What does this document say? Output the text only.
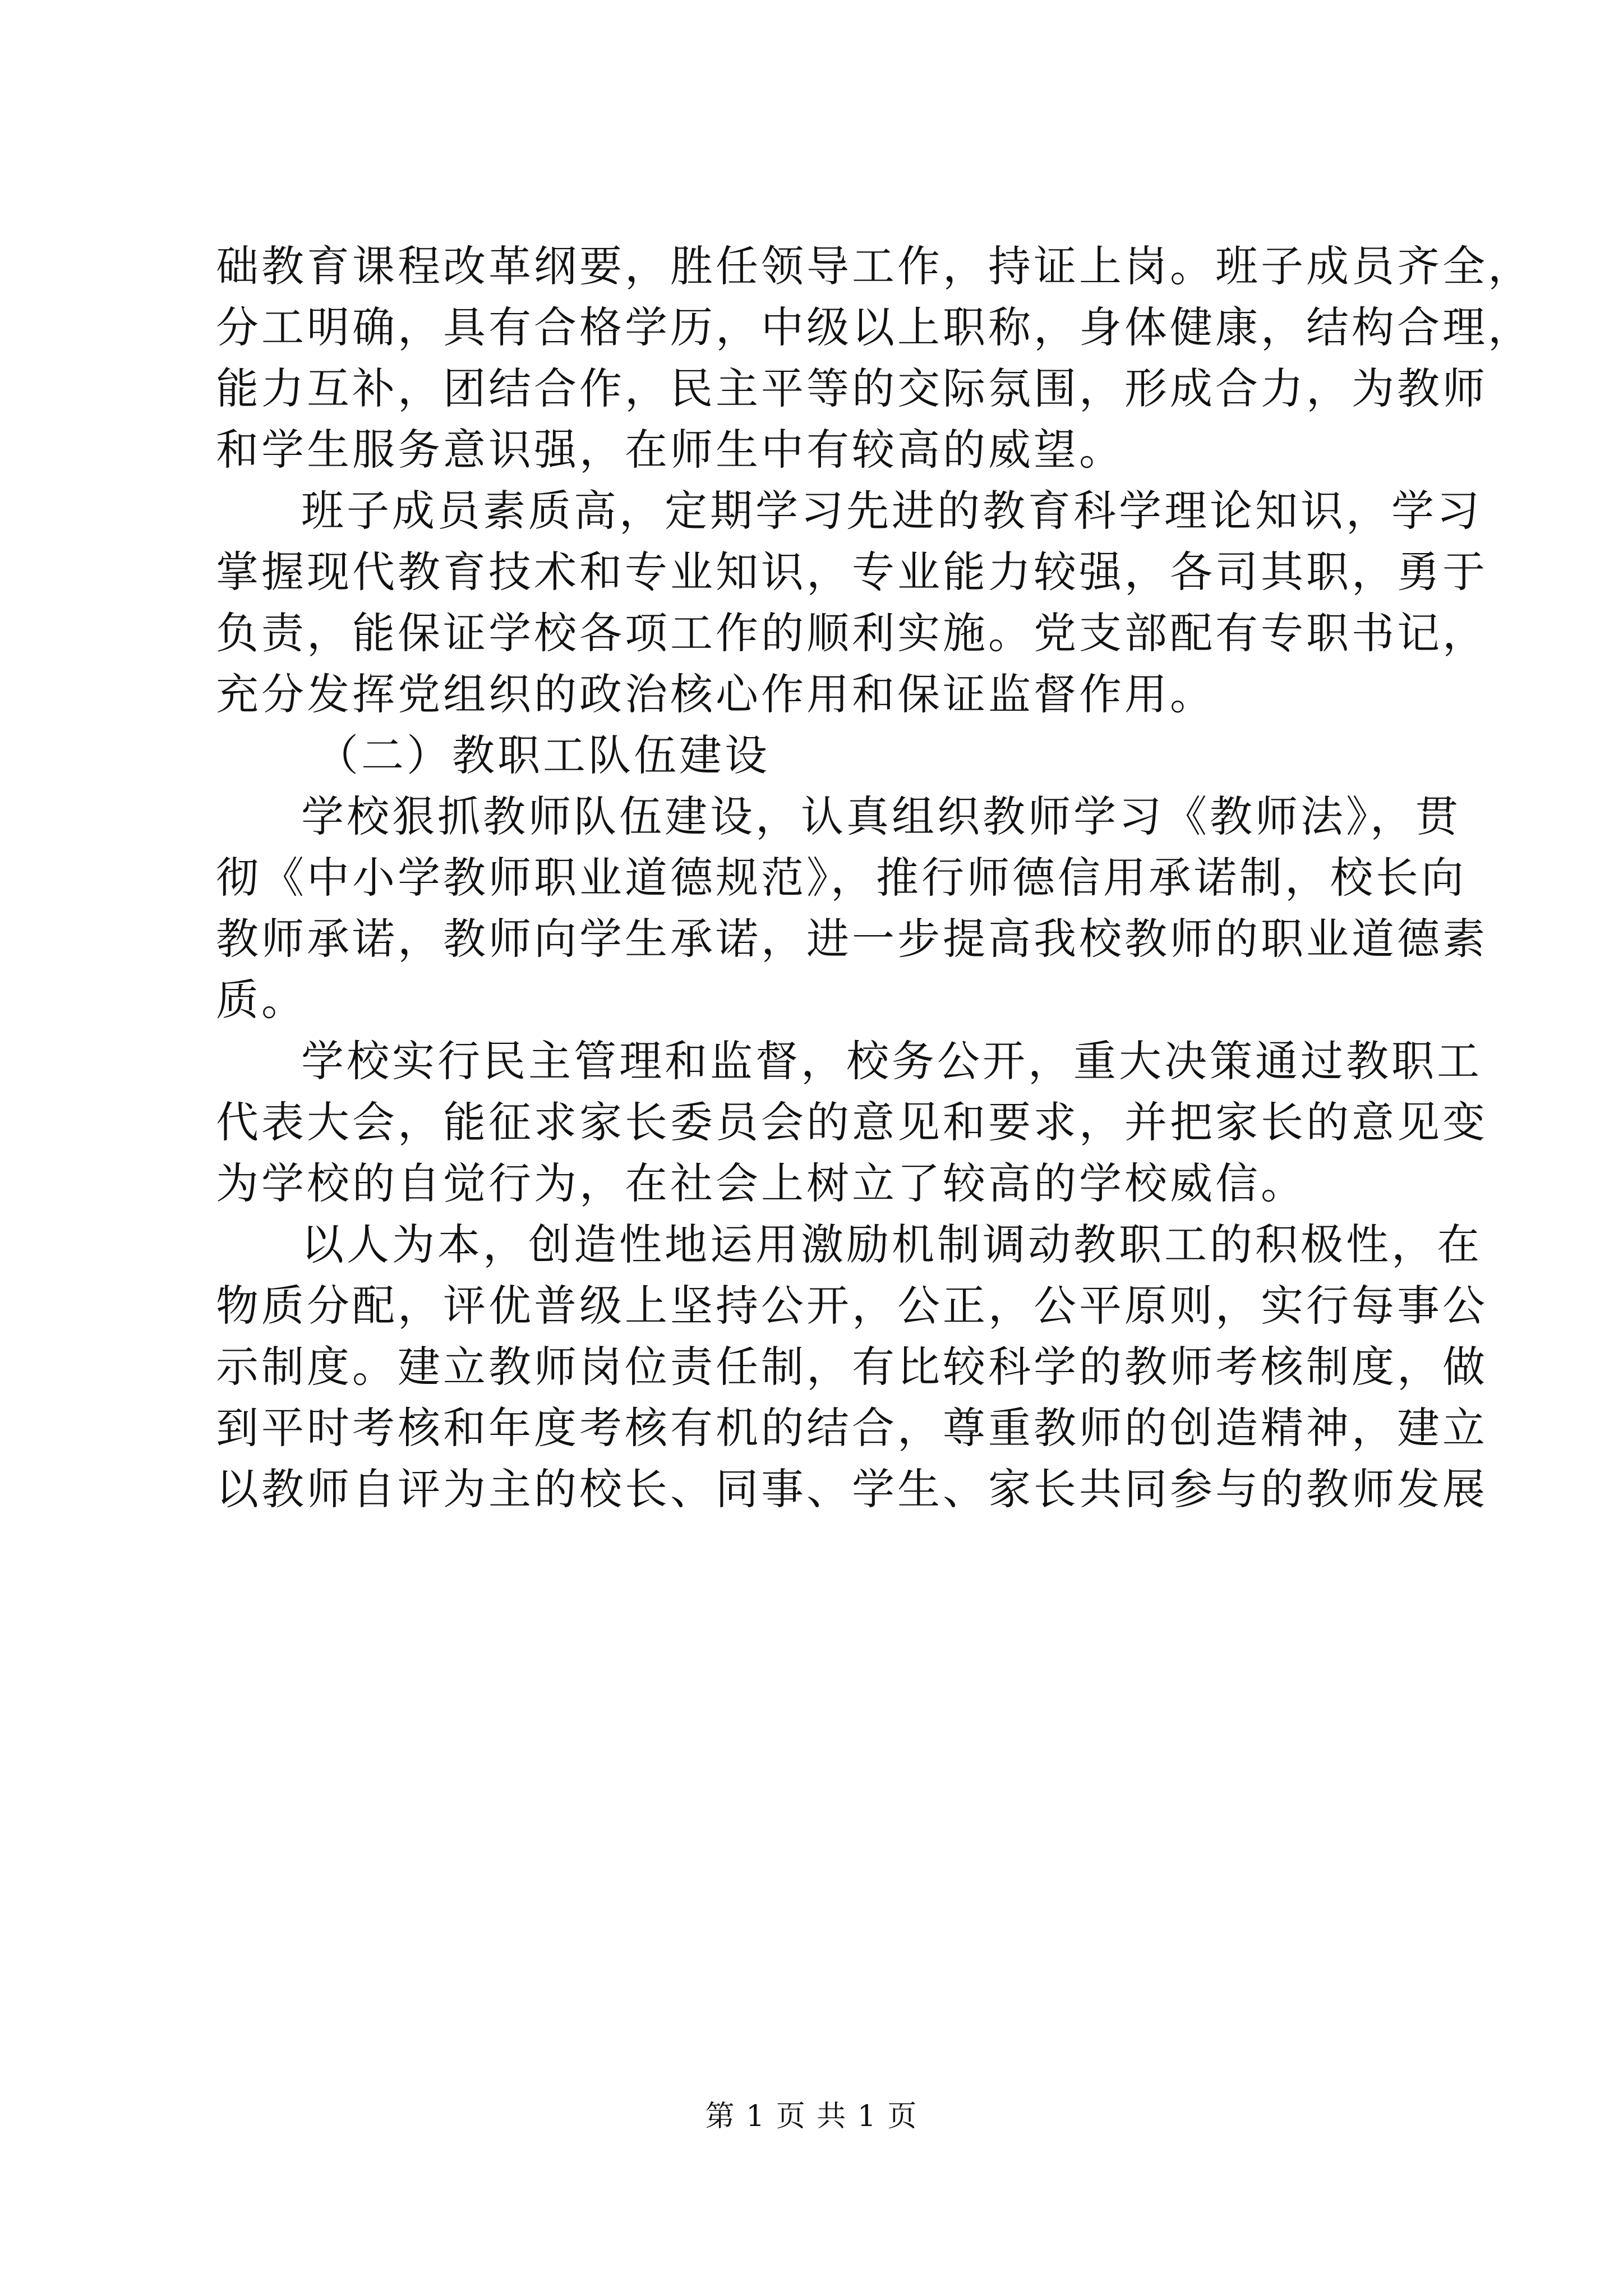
础教育课程改革纲要，胜任领导工作，持证上岗。班子成员齐全，
分工明确，具有合格学历，中级以上职称，身体健康，结构合理，
能力互补，团结合作，民主平等的交际氛围，形成合力，为教师
和学生服务意识强，在师生中有较高的威望。
班子成员素质高，定期学习先进的教育科学理论知识，学习
掌握现代教育技术和专业知识，专业能力较强，各司其职，勇于
负责，能保证学校各项工作的顺利实施。党支部配有专职书记，
充分发挥党组织的政治核心作用和保证监督作用。
（二）教职工队伍建设
学校狠抓教师队伍建设，认真组织教师学习《教师法》，贯
彻《中小学教师职业道德规范》，推行师德信用承诺制，校长向
教师承诺，教师向学生承诺，进一步提高我校教师的职业道德素
质。
学校实行民主管理和监督，校务公开，重大决策通过教职工
代表大会，能征求家长委员会的意见和要求，并把家长的意见变
为学校的自觉行为，在社会上树立了较高的学校威信。
以人为本，创造性地运用激励机制调动教职工的积极性，在
物质分配，评优普级上坚持公开，公正，公平原则，实行每事公
示制度。建立教师岗位责任制，有比较科学的教师考核制度，做
到平时考核和年度考核有机的结合，尊重教师的创造精神，建立
以教师自评为主的校长、同事、学生、家长共同参与的教师发展
第 1 页 共 1 页
